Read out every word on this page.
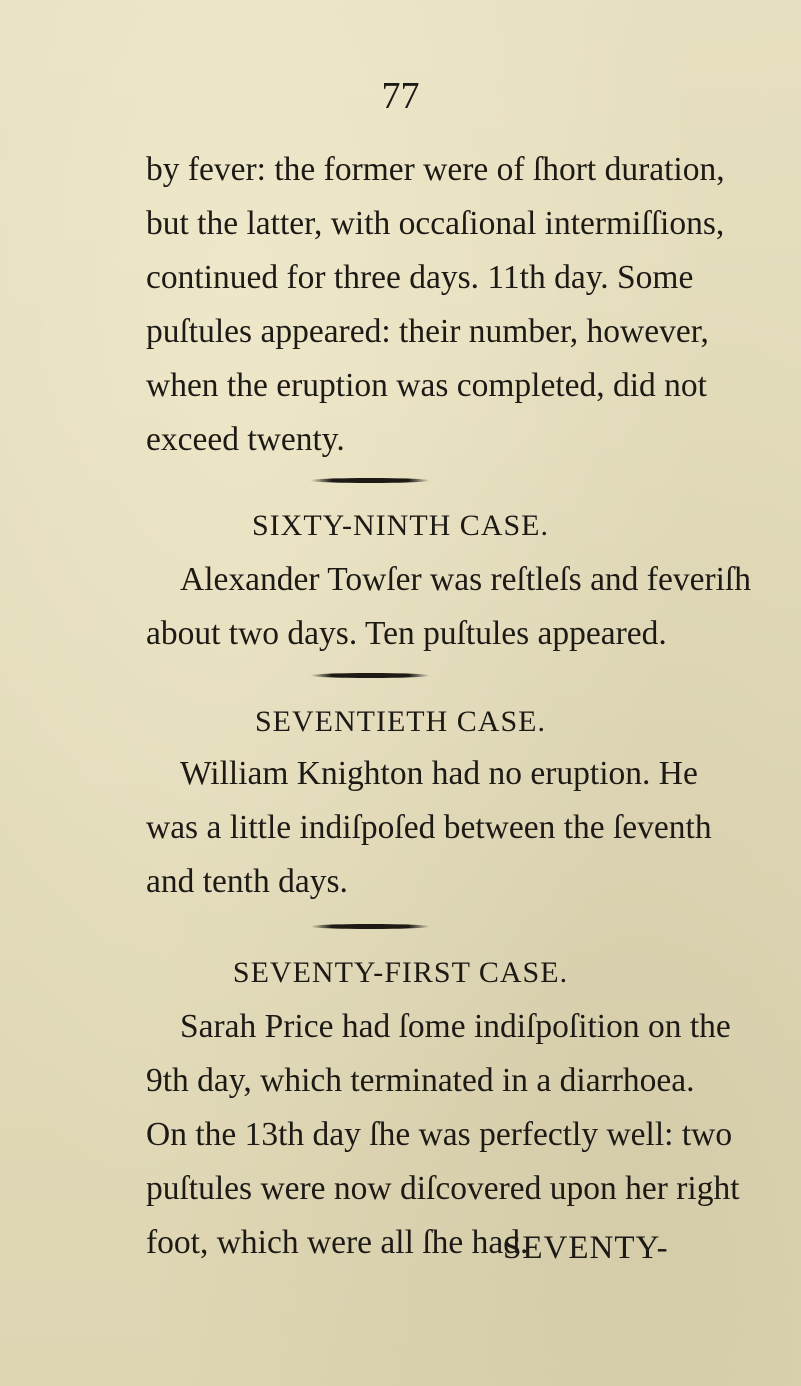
77
by fever: the former were of ſhort duration,
but the latter, with occaſional intermiſſions,
continued for three days. 11th day. Some
puſtules appeared: their number, however,
when the eruption was completed, did not
exceed twenty.
SIXTY-NINTH CASE.
Alexander Towſer was reſtleſs and feveriſh
about two days. Ten puſtules appeared.
SEVENTIETH CASE.
William Knighton had no eruption. He
was a little indiſpoſed between the ſeventh
and tenth days.
SEVENTY-FIRST CASE.
Sarah Price had ſome indiſpoſition on the
9th day, which terminated in a diarrhoea.
On the 13th day ſhe was perfectly well: two
puſtules were now diſcovered upon her right
foot, which were all ſhe had.
SEVENTY-
